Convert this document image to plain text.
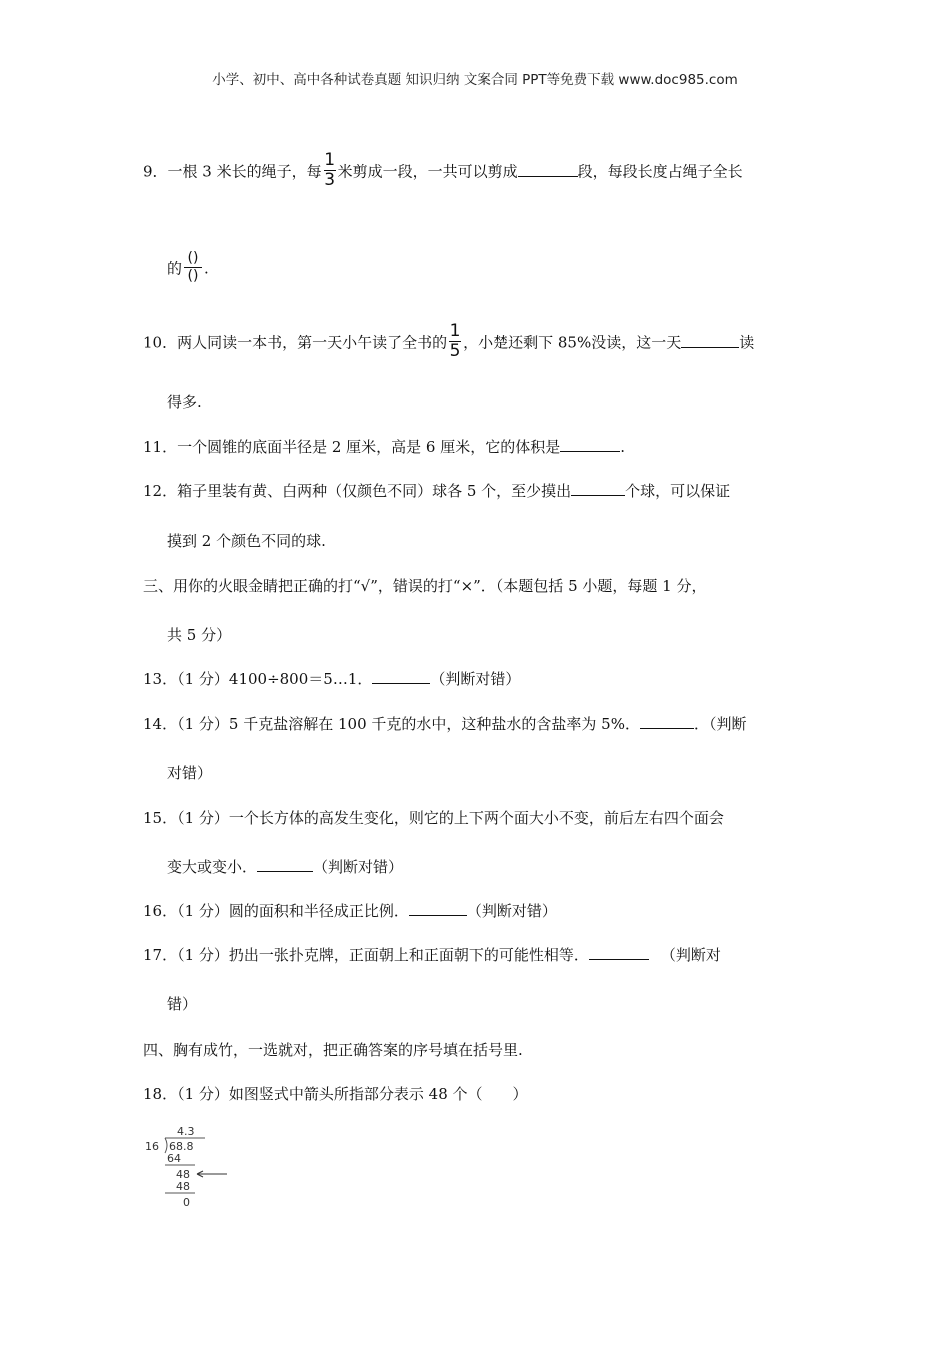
小学、初中、高中各种试卷真题 知识归纳 文案合同 PPT等免费下载 www.doc985.com
9．一根 3 米长的绳子，每 $\frac{1}{3}$ 米剪成一段，一共可以剪成	段，每段长度占绳子全长
的 $\frac{()}{()}$ .
10．两人同读一本书，第一天小午读了全书的 $\frac{1}{5}$ ，小楚还剩下 85%没读，这一天	读
得多.
11．一个圆锥的底面半径是 2 厘米，高是 6 厘米，它的体积是	.
12．箱子里装有黄、白两种（仅颜色不同）球各 5 个，至少摸出	个球，可以保证
摸到 2 个颜色不同的球.
三、用你的火眼金睛把正确的打“√”，错误的打“×”．（本题包括 5 小题，每题 1 分，
共 5 分）
13．（1 分）4100÷800＝5…1．	（判断对错）
14．（1 分）5 千克盐溶解在 100 千克的水中，这种盐水的含盐率为 5%．	．（判断
对错）
15．（1 分）一个长方体的高发生变化，则它的上下两个面大小不变，前后左右四个面会
变大或变小．	（判断对错）
16．（1 分）圆的面积和半径成正比例．	（判断对错）
17．（1 分）扔出一张扑克牌，正面朝上和正面朝下的可能性相等．	（判断对
错）
四、胸有成竹，一选就对，把正确答案的序号填在括号里.
18．（1 分）如图竖式中箭头所指部分表示 48 个（　　）
4.3
16 68.8
64
48
48
0
